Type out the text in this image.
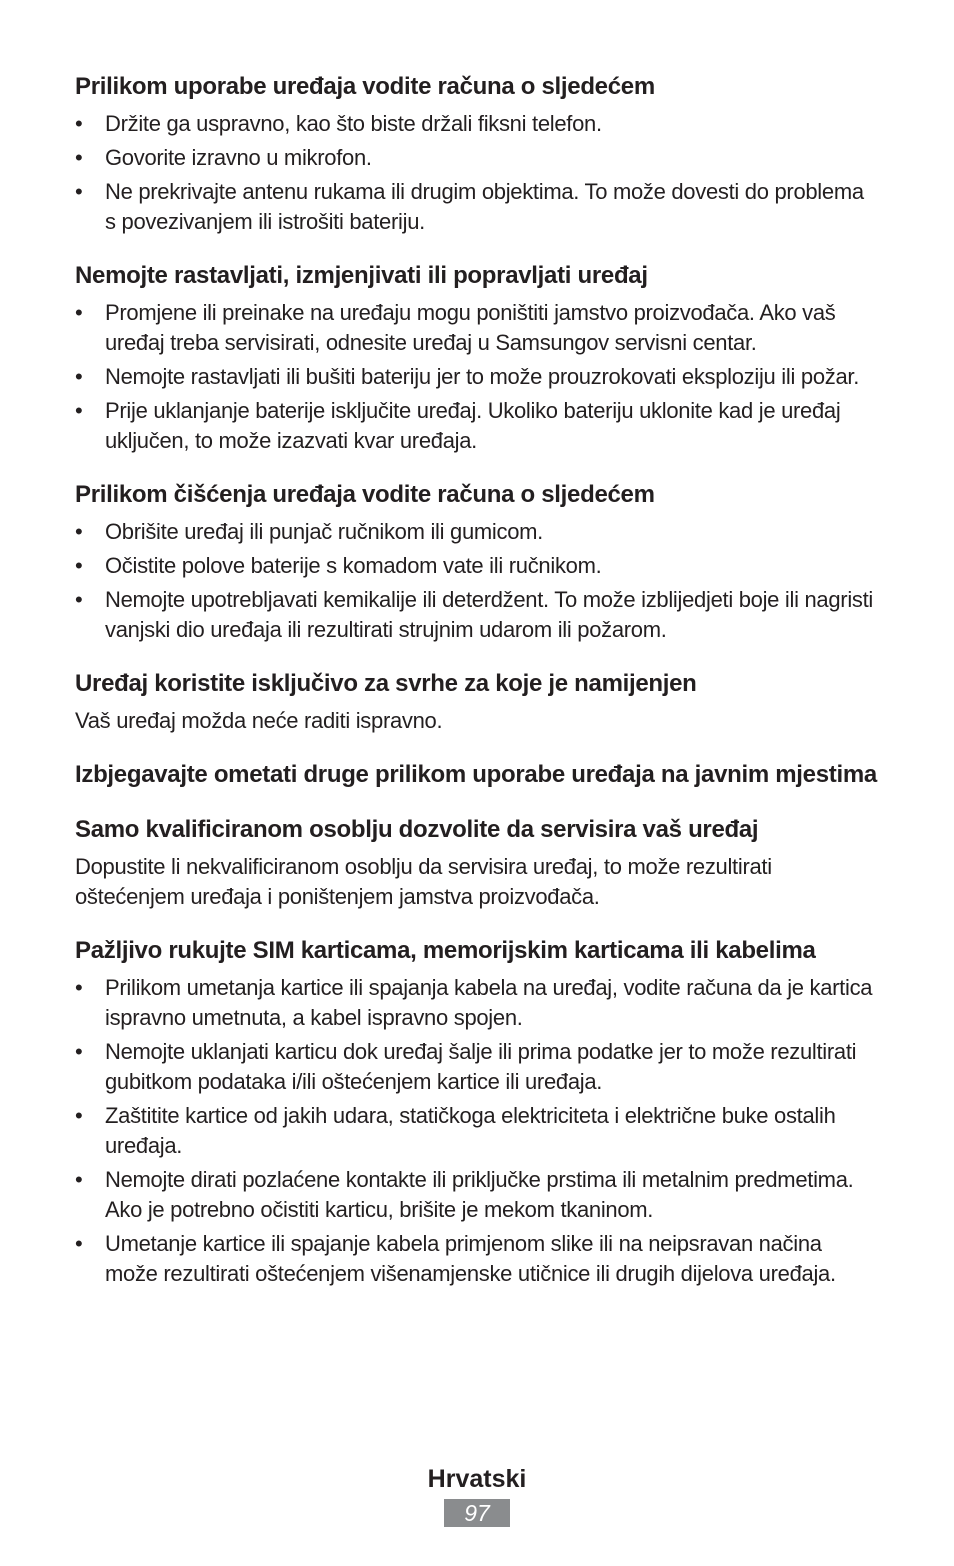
Prilikom uporabe uređaja vodite računa o sljedećem
• Držite ga uspravno, kao što biste držali fiksni telefon.
• Govorite izravno u mikrofon.
• Ne prekrivajte antenu rukama ili drugim objektima. To može dovesti do problema s povezivanjem ili istrošiti bateriju.
Nemojte rastavljati, izmjenjivati ili popravljati uređaj
• Promjene ili preinake na uređaju mogu poništiti jamstvo proizvođača. Ako vaš uređaj treba servisirati, odnesite uređaj u Samsungov servisni centar.
• Nemojte rastavljati ili bušiti bateriju jer to može prouzrokovati eksploziju ili požar.
• Prije uklanjanje baterije isključite uređaj. Ukoliko bateriju uklonite kad je uređaj uključen, to može izazvati kvar uređaja.
Prilikom čišćenja uređaja vodite računa o sljedećem
• Obrišite uređaj ili punjač ručnikom ili gumicom.
• Očistite polove baterije s komadom vate ili ručnikom.
• Nemojte upotrebljavati kemikalije ili deterdžent. To može izblijedjeti boje ili nagristi vanjski dio uređaja ili rezultirati strujnim udarom ili požarom.
Uređaj koristite isključivo za svrhe za koje je namijenjen

Vaš uređaj možda neće raditi ispravno.

Izbjegavajte ometati druge prilikom uporabe uređaja na javnim mjestima
Samo kvalificiranom osoblju dozvolite da servisira vaš uređaj

Dopustite li nekvalificiranom osoblju da servisira uređaj, to može rezultirati oštećenjem uređaja i poništenjem jamstva proizvođača.

Pažljivo rukujte SIM karticama, memorijskim karticama ili kabelima
• Prilikom umetanja kartice ili spajanja kabela na uređaj, vodite računa da je kartica ispravno umetnuta, a kabel ispravno spojen.
• Nemojte uklanjati karticu dok uređaj šalje ili prima podatke jer to može rezultirati gubitkom podataka i/ili oštećenjem kartice ili uređaja.
• Zaštitite kartice od jakih udara, statičkoga elektriciteta i električne buke ostalih uređaja.
• Nemojte dirati pozlaćene kontakte ili priključke prstima ili metalnim predmetima. Ako je potrebno očistiti karticu, brišite je mekom tkaninom.
• Umetanje kartice ili spajanje kabela primjenom slike ili na neipsravan načina može rezultirati oštećenjem višenamjenske utičnice ili drugih dijelova uređaja.
Hrvatski
97
